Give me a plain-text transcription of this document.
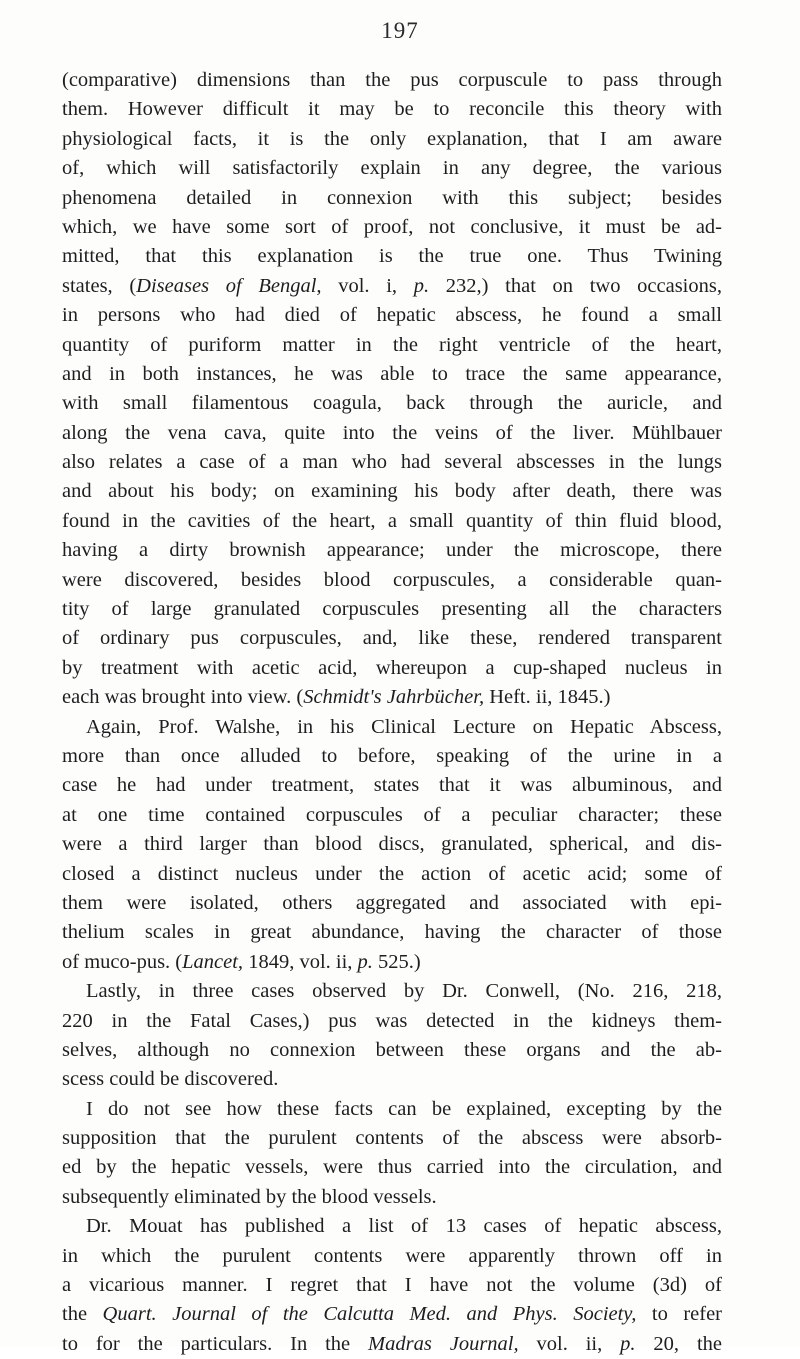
197
(comparative) dimensions than the pus corpuscule to pass through
them. However difficult it may be to reconcile this theory with
physiological facts, it is the only explanation, that I am aware
of, which will satisfactorily explain in any degree, the various
phenomena detailed in connexion with this subject; besides
which, we have some sort of proof, not conclusive, it must be ad-
mitted, that this explanation is the true one. Thus Twining
states, (Diseases of Bengal, vol. i, p. 232,) that on two occasions,
in persons who had died of hepatic abscess, he found a small
quantity of puriform matter in the right ventricle of the heart,
and in both instances, he was able to trace the same appearance,
with small filamentous coagula, back through the auricle, and
along the vena cava, quite into the veins of the liver. Mühlbauer
also relates a case of a man who had several abscesses in the lungs
and about his body; on examining his body after death, there was
found in the cavities of the heart, a small quantity of thin fluid blood,
having a dirty brownish appearance; under the microscope, there
were discovered, besides blood corpuscules, a considerable quan-
tity of large granulated corpuscules presenting all the characters
of ordinary pus corpuscules, and, like these, rendered transparent
by treatment with acetic acid, whereupon a cup-shaped nucleus in
each was brought into view. (Schmidt's Jahrbücher, Heft. ii, 1845.)
Again, Prof. Walshe, in his Clinical Lecture on Hepatic Abscess,
more than once alluded to before, speaking of the urine in a
case he had under treatment, states that it was albuminous, and
at one time contained corpuscules of a peculiar character; these
were a third larger than blood discs, granulated, spherical, and dis-
closed a distinct nucleus under the action of acetic acid; some of
them were isolated, others aggregated and associated with epi-
thelium scales in great abundance, having the character of those
of muco-pus. (Lancet, 1849, vol. ii, p. 525.)
Lastly, in three cases observed by Dr. Conwell, (No. 216, 218,
220 in the Fatal Cases,) pus was detected in the kidneys them-
selves, although no connexion between these organs and the ab-
scess could be discovered.
I do not see how these facts can be explained, excepting by the
supposition that the purulent contents of the abscess were absorb-
ed by the hepatic vessels, were thus carried into the circulation, and
subsequently eliminated by the blood vessels.
Dr. Mouat has published a list of 13 cases of hepatic abscess,
in which the purulent contents were apparently thrown off in
a vicarious manner. I regret that I have not the volume (3d) of
the Quart. Journal of the Calcutta Med. and Phys. Society, to refer
to for the particulars. In the Madras Journal, vol. ii, p. 20, the
